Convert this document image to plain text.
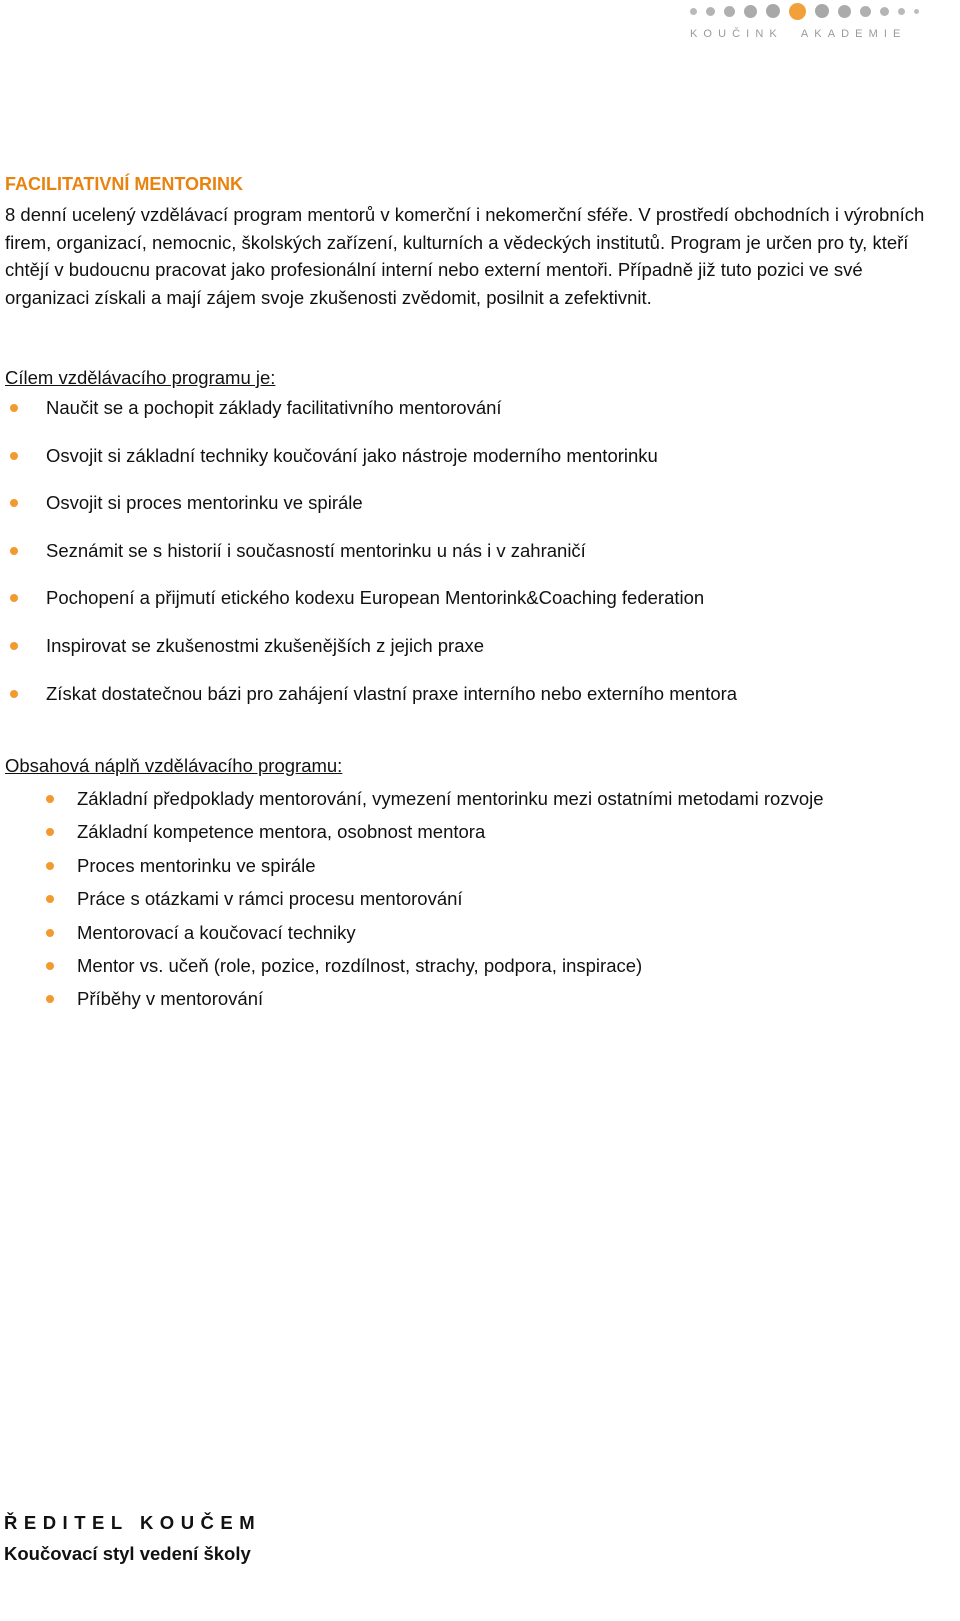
KOUČINK AKADEMIE
FACILITATIVNÍ MENTORINK

8 denní ucelený vzdělávací program mentorů v komerční i nekomerční sféře. V prostředí obchodních i výrobních firem, organizací, nemocnic, školských zařízení, kulturních a vědeckých institutů. Program je určen pro ty, kteří chtějí v budoucnu pracovat jako profesionální interní nebo externí mentoři. Případně již tuto pozici ve své organizaci získali a mají zájem svoje zkušenosti zvědomit, posilnit a zefektivnit.

Cílem vzdělávacího programu je:

Naučit se a pochopit základy facilitativního mentorování
Osvojit si základní techniky koučování jako nástroje moderního mentorinku
Osvojit si proces mentorinku ve spirále
Seznámit se s historií i současností mentorinku u nás i v zahraničí
Pochopení a přijmutí etického kodexu European Mentorink&Coaching federation
Inspirovat se zkušenostmi zkušenějších z jejich praxe
Získat dostatečnou bázi pro zahájení vlastní praxe interního nebo externího mentora

Obsahová náplň vzdělávacího programu:

Základní předpoklady mentorování, vymezení mentorinku mezi ostatními metodami rozvoje
Základní kompetence mentora, osobnost mentora
Proces mentorinku ve spirále
Práce s otázkami v rámci procesu mentorování
Mentorovací a koučovací techniky
Mentor vs. učeň (role, pozice, rozdílnost, strachy, podpora, inspirace)
Příběhy v mentorování

ŘEDITEL KOUČEM

Koučovací styl vedení školy
